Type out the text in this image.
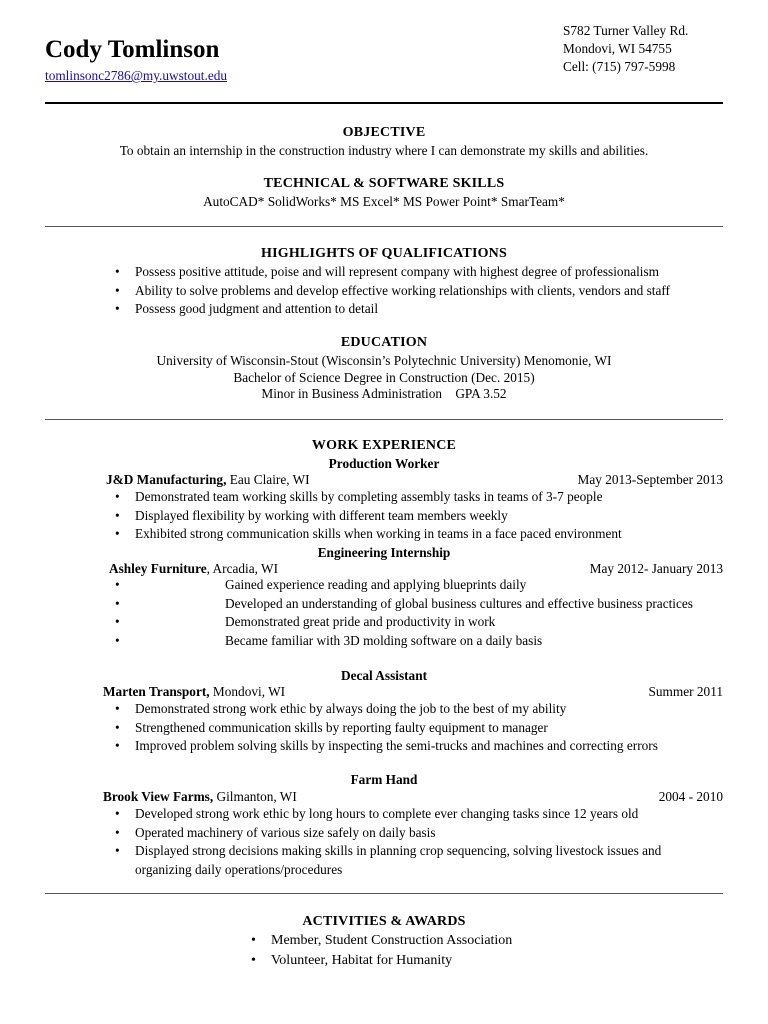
Cody Tomlinson
tomlinsonc2786@my.uwstout.edu
S782 Turner Valley Rd.
Mondovi, WI 54755
Cell: (715) 797-5998
OBJECTIVE
To obtain an internship in the construction industry where I can demonstrate my skills and abilities.
TECHNICAL & SOFTWARE SKILLS
AutoCAD* SolidWorks* MS Excel* MS Power Point* SmarTeam*
HIGHLIGHTS OF QUALIFICATIONS
• Possess positive attitude, poise and will represent company with highest degree of professionalism
• Ability to solve problems and develop effective working relationships with clients, vendors and staff
• Possess good judgment and attention to detail
EDUCATION
University of Wisconsin-Stout (Wisconsin’s Polytechnic University) Menomonie, WI
Bachelor of Science Degree in Construction (Dec. 2015)
Minor in Business Administration    GPA 3.52
WORK EXPERIENCE
Production Worker
J&D Manufacturing, Eau Claire, WI	May 2013-September 2013
• Demonstrated team working skills by completing assembly tasks in teams of 3-7 people
• Displayed flexibility by working with different team members weekly
• Exhibited strong communication skills when working in teams in a face paced environment
Engineering Internship
Ashley Furniture, Arcadia, WI	May 2012- January 2013
• Gained experience reading and applying blueprints daily
• Developed an understanding of global business cultures and effective business practices
• Demonstrated great pride and productivity in work
• Became familiar with 3D molding software on a daily basis
Decal Assistant
Marten Transport, Mondovi, WI	Summer 2011
• Demonstrated strong work ethic by always doing the job to the best of my ability
• Strengthened communication skills by reporting faulty equipment to manager
• Improved problem solving skills by inspecting the semi-trucks and machines and correcting errors
Farm Hand
Brook View Farms, Gilmanton, WI	2004 - 2010
• Developed strong work ethic by long hours to complete ever changing tasks since 12 years old
• Operated machinery of various size safely on daily basis
• Displayed strong decisions making skills in planning crop sequencing, solving livestock issues and organizing daily operations/procedures
ACTIVITIES & AWARDS
• Member, Student Construction Association
• Volunteer, Habitat for Humanity
